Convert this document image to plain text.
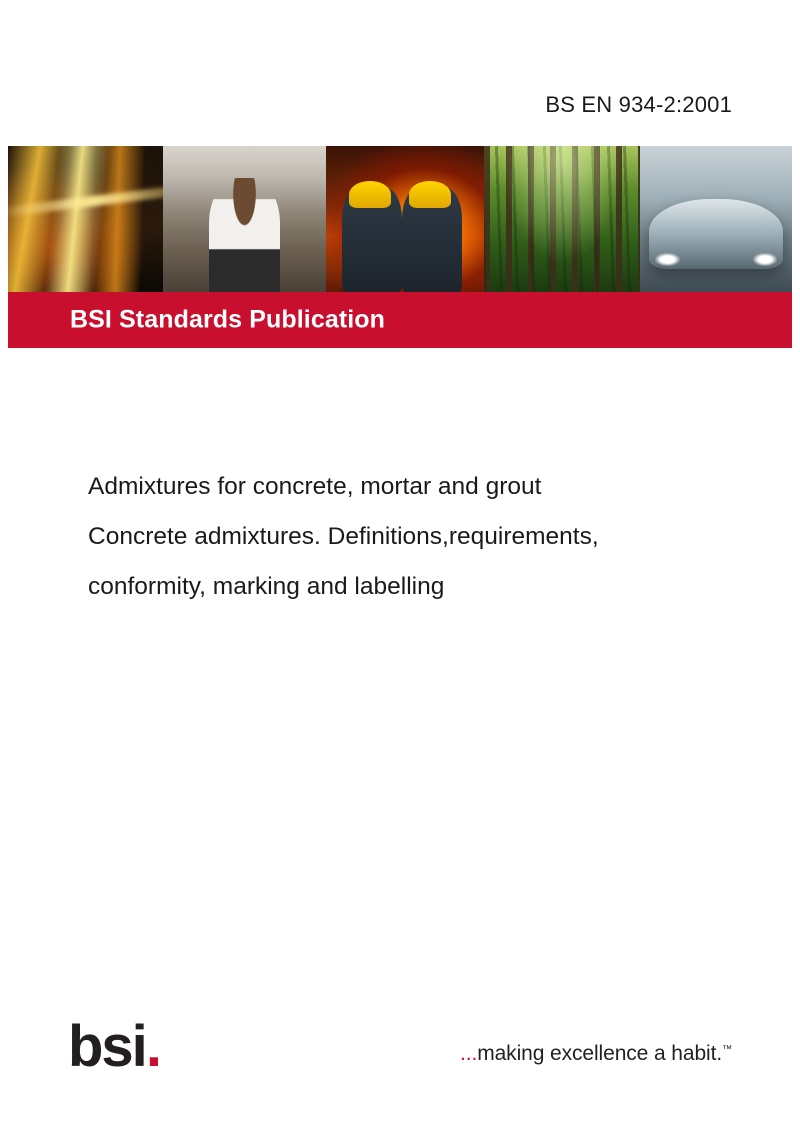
BS EN 934-2:2001
BSI Standards Publication
Admixtures for concrete, mortar and grout
Concrete admixtures. Definitions,requirements,
conformity, marking and labelling
bsi.	...making excellence a habit.™
